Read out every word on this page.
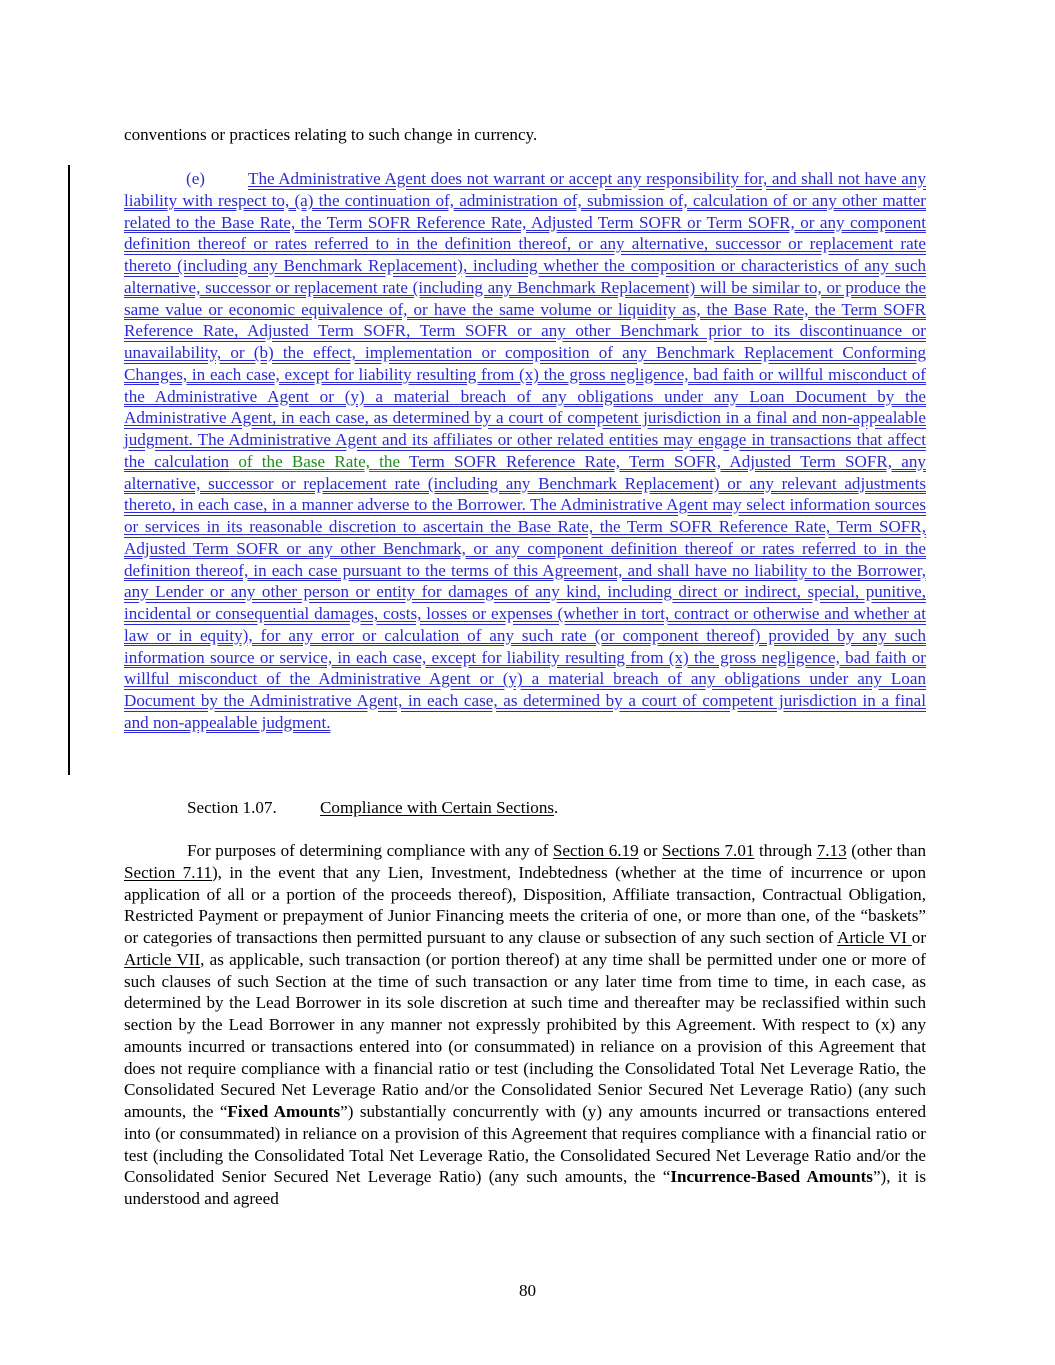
conventions or practices relating to such change in currency.
(e)	The Administrative Agent does not warrant or accept any responsibility for, and shall not have any liability with respect to, (a) the continuation of, administration of, submission of, calculation of or any other matter related to the Base Rate, the Term SOFR Reference Rate, Adjusted Term SOFR or Term SOFR, or any component definition thereof or rates referred to in the definition thereof, or any alternative, successor or replacement rate thereto (including any Benchmark Replacement), including whether the composition or characteristics of any such alternative, successor or replacement rate (including any Benchmark Replacement) will be similar to, or produce the same value or economic equivalence of, or have the same volume or liquidity as, the Base Rate, the Term SOFR Reference Rate, Adjusted Term SOFR, Term SOFR or any other Benchmark prior to its discontinuance or unavailability, or (b) the effect, implementation or composition of any Benchmark Replacement Conforming Changes, in each case, except for liability resulting from (x) the gross negligence, bad faith or willful misconduct of the Administrative Agent or (y) a material breach of any obligations under any Loan Document by the Administrative Agent, in each case, as determined by a court of competent jurisdiction in a final and non-appealable judgment. The Administrative Agent and its affiliates or other related entities may engage in transactions that affect the calculation of the Base Rate, the Term SOFR Reference Rate, Term SOFR, Adjusted Term SOFR, any alternative, successor or replacement rate (including any Benchmark Replacement) or any relevant adjustments thereto, in each case, in a manner adverse to the Borrower. The Administrative Agent may select information sources or services in its reasonable discretion to ascertain the Base Rate, the Term SOFR Reference Rate, Term SOFR, Adjusted Term SOFR or any other Benchmark, or any component definition thereof or rates referred to in the definition thereof, in each case pursuant to the terms of this Agreement, and shall have no liability to the Borrower, any Lender or any other person or entity for damages of any kind, including direct or indirect, special, punitive, incidental or consequential damages, costs, losses or expenses (whether in tort, contract or otherwise and whether at law or in equity), for any error or calculation of any such rate (or component thereof) provided by any such information source or service, in each case, except for liability resulting from (x) the gross negligence, bad faith or willful misconduct of the Administrative Agent or (y) a material breach of any obligations under any Loan Document by the Administrative Agent, in each case, as determined by a court of competent jurisdiction in a final and non-appealable judgment.
Section 1.07.	Compliance with Certain Sections.
For purposes of determining compliance with any of Section 6.19 or Sections 7.01 through 7.13 (other than Section 7.11), in the event that any Lien, Investment, Indebtedness (whether at the time of incurrence or upon application of all or a portion of the proceeds thereof), Disposition, Affiliate transaction, Contractual Obligation, Restricted Payment or prepayment of Junior Financing meets the criteria of one, or more than one, of the “baskets” or categories of transactions then permitted pursuant to any clause or subsection of any such section of Article VI or Article VII, as applicable, such transaction (or portion thereof) at any time shall be permitted under one or more of such clauses of such Section at the time of such transaction or any later time from time to time, in each case, as determined by the Lead Borrower in its sole discretion at such time and thereafter may be reclassified within such section by the Lead Borrower in any manner not expressly prohibited by this Agreement. With respect to (x) any amounts incurred or transactions entered into (or consummated) in reliance on a provision of this Agreement that does not require compliance with a financial ratio or test (including the Consolidated Total Net Leverage Ratio, the Consolidated Secured Net Leverage Ratio and/or the Consolidated Senior Secured Net Leverage Ratio) (any such amounts, the “Fixed Amounts”) substantially concurrently with (y) any amounts incurred or transactions entered into (or consummated) in reliance on a provision of this Agreement that requires compliance with a financial ratio or test (including the Consolidated Total Net Leverage Ratio, the Consolidated Secured Net Leverage Ratio and/or the Consolidated Senior Secured Net Leverage Ratio) (any such amounts, the “Incurrence-Based Amounts”), it is understood and agreed
80
